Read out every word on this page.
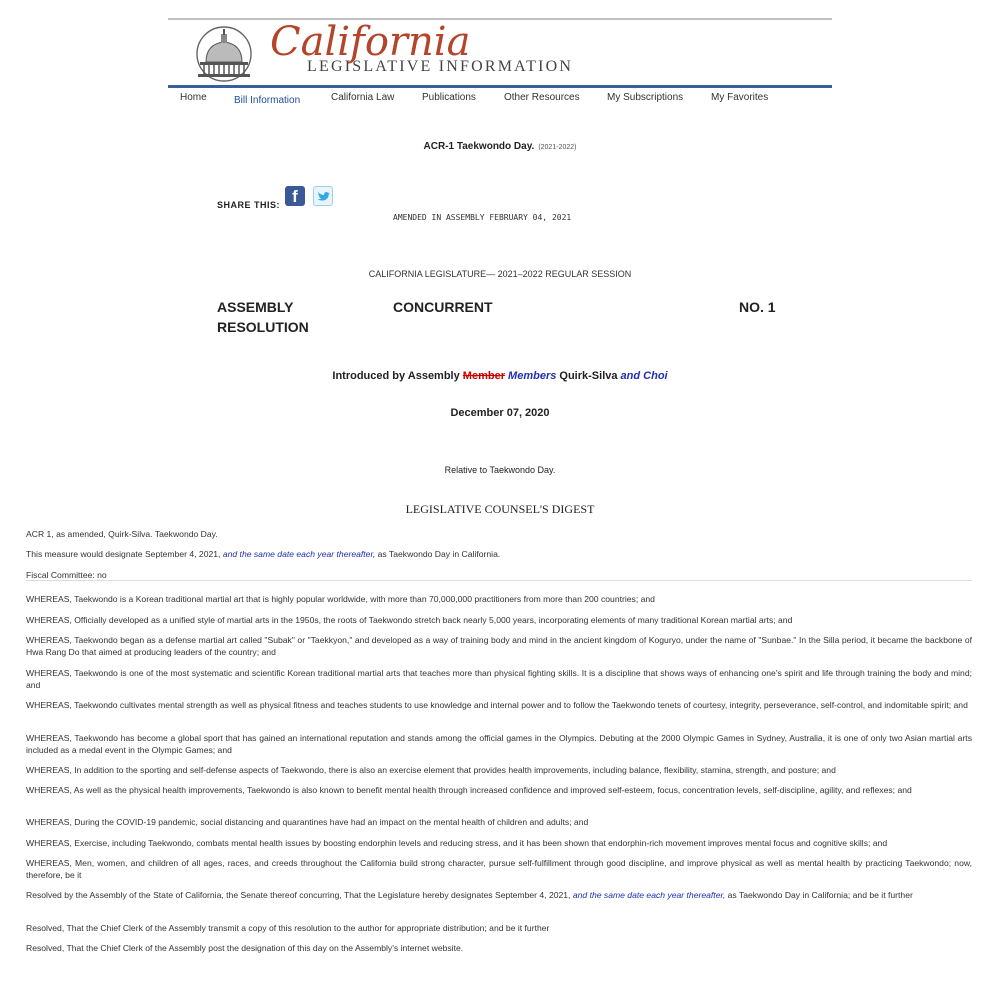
California
LEGISLATIVE INFORMATION
Home	Bill Information	California Law	Publications	Other Resources	My Subscriptions	My Favorites
ACR-1 Taekwondo Day. (2021-2022)
SHARE THIS: f
AMENDED IN ASSEMBLY FEBRUARY 04, 2021
CALIFORNIA LEGISLATURE— 2021–2022 REGULAR SESSION
ASSEMBLY
RESOLUTION
CONCURRENT	NO. 1
Introduced by Assembly Member Members Quirk-Silva and Choi
December 07, 2020
Relative to Taekwondo Day.
LEGISLATIVE COUNSEL'S DIGEST
ACR 1, as amended, Quirk-Silva. Taekwondo Day.
This measure would designate September 4, 2021, and the same date each year thereafter, as Taekwondo Day in California.
Fiscal Committee: no
WHEREAS, Taekwondo is a Korean traditional martial art that is highly popular worldwide, with more than 70,000,000 practitioners from more than 200 countries; and
WHEREAS, Officially developed as a unified style of martial arts in the 1950s, the roots of Taekwondo stretch back nearly 5,000 years, incorporating elements of many traditional Korean martial arts; and
WHEREAS, Taekwondo began as a defense martial art called "Subak" or "Taekkyon," and developed as a way of training body and mind in the ancient kingdom of Koguryo, under the name of "Sunbae." In the Silla period, it became the backbone of Hwa Rang Do that aimed at producing leaders of the country; and
WHEREAS, Taekwondo is one of the most systematic and scientific Korean traditional martial arts that teaches more than physical fighting skills. It is a discipline that shows ways of enhancing one's spirit and life through training the body and mind; and
WHEREAS, Taekwondo cultivates mental strength as well as physical fitness and teaches students to use knowledge and internal power and to follow the Taekwondo tenets of courtesy, integrity, perseverance, self-control, and indomitable spirit; and
WHEREAS, Taekwondo has become a global sport that has gained an international reputation and stands among the official games in the Olympics. Debuting at the 2000 Olympic Games in Sydney, Australia, it is one of only two Asian martial arts included as a medal event in the Olympic Games; and
WHEREAS, In addition to the sporting and self-defense aspects of Taekwondo, there is also an exercise element that provides health improvements, including balance, flexibility, stamina, strength, and posture; and
WHEREAS, As well as the physical health improvements, Taekwondo is also known to benefit mental health through increased confidence and improved self-esteem, focus, concentration levels, self-discipline, agility, and reflexes; and
WHEREAS, During the COVID-19 pandemic, social distancing and quarantines have had an impact on the mental health of children and adults; and
WHEREAS, Exercise, including Taekwondo, combats mental health issues by boosting endorphin levels and reducing stress, and it has been shown that endorphin-rich movement improves mental focus and cognitive skills; and
WHEREAS, Men, women, and children of all ages, races, and creeds throughout the California build strong character, pursue self-fulfillment through good discipline, and improve physical as well as mental health by practicing Taekwondo; now, therefore, be it
Resolved by the Assembly of the State of California, the Senate thereof concurring, That the Legislature hereby designates September 4, 2021, and the same date each year thereafter, as Taekwondo Day in California; and be it further
Resolved, That the Chief Clerk of the Assembly transmit a copy of this resolution to the author for appropriate distribution; and be it further
Resolved, That the Chief Clerk of the Assembly post the designation of this day on the Assembly's internet website.
